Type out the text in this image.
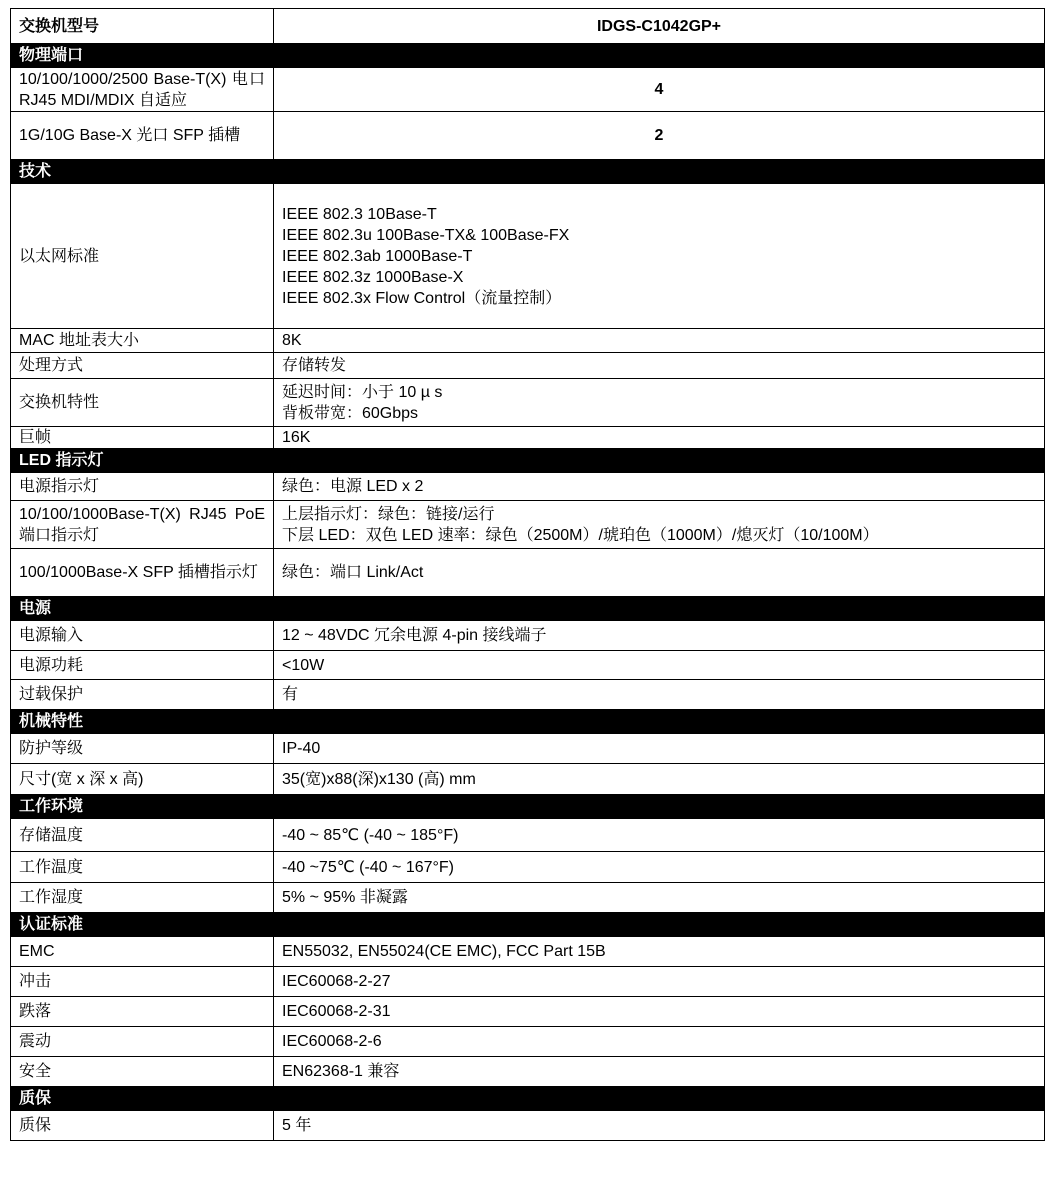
交换机型号	IDGS-C1042GP+
物理端口	
10/100/1000/2500 Base-T(X) 电口 RJ45 MDI/MDIX 自适应	4
1G/10G Base-X 光口 SFP 插槽	2
技术	
以太网标准	IEEE 802.3 10Base-T
IEEE 802.3u 100Base-TX& 100Base-FX
IEEE 802.3ab 1000Base-T
IEEE 802.3z 1000Base-X
IEEE 802.3x Flow Control（流量控制）
MAC 地址表大小	8K
处理方式	存储转发
交换机特性	延迟时间：小于 10 µ s
背板带宽：60Gbps
巨帧	16K
LED 指示灯	
电源指示灯	绿色：电源 LED x 2
10/100/1000Base-T(X) RJ45 PoE 端口指示灯	上层指示灯：绿色：链接/运行
下层 LED：双色 LED 速率：绿色（2500M）/琥珀色（1000M）/熄灭灯（10/100M）
100/1000Base-X SFP 插槽指示灯	绿色：端口 Link/Act
电源	
电源输入	12 ~ 48VDC 冗余电源 4-pin 接线端子
电源功耗	<10W
过载保护	有
机械特性	
防护等级	IP-40
尺寸(宽 x 深 x 高)	35(宽)x88(深)x130 (高) mm
工作环境	
存储温度	-40 ~ 85℃ (-40 ~ 185°F)
工作温度	-40 ~75℃ (-40 ~ 167°F)
工作湿度	5% ~ 95% 非凝露
认证标准	
EMC	EN55032, EN55024(CE EMC), FCC Part 15B
冲击	IEC60068-2-27
跌落	IEC60068-2-31
震动	IEC60068-2-6
安全	EN62368-1 兼容
质保	
质保	5 年
